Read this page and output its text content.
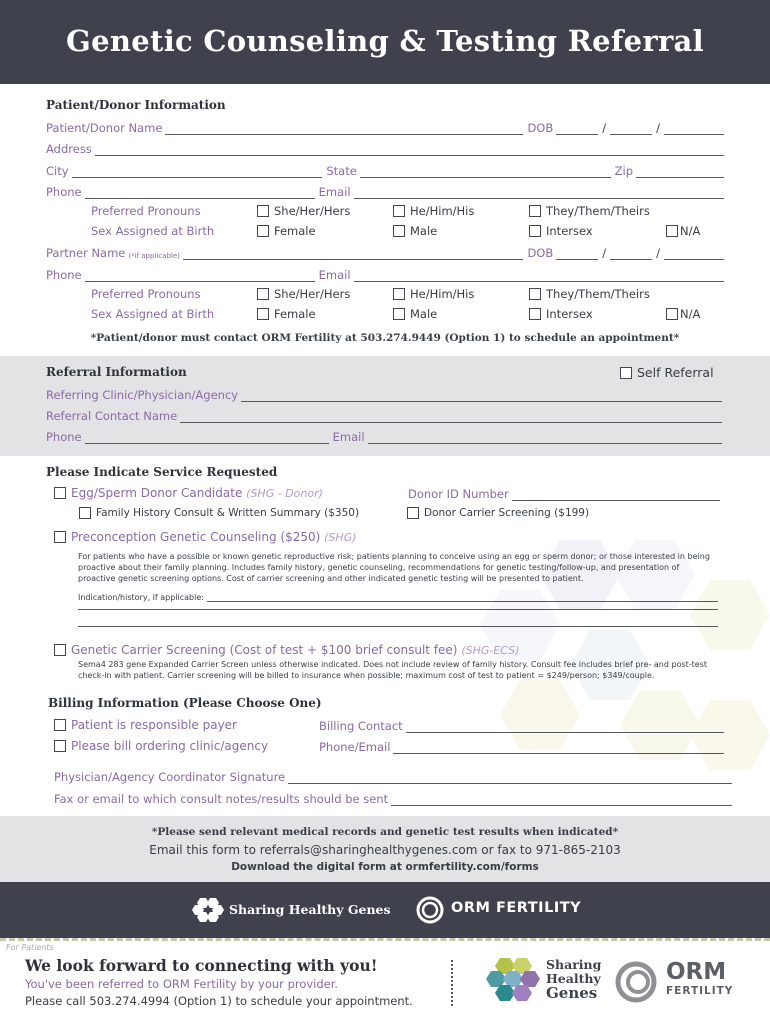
Genetic Counseling & Testing Referral
Patient/Donor Information
Patient/Donor Name	DOB	/	/
Address
City	State	Zip
Phone	Email
Preferred Pronouns	She/Her/Hers	He/Him/His	They/Them/Theirs
Sex Assigned at Birth	Female	Male	Intersex	N/A
Partner Name (*if applicable)	DOB	/	/
Phone	Email
Preferred Pronouns	She/Her/Hers	He/Him/His	They/Them/Theirs
Sex Assigned at Birth	Female	Male	Intersex	N/A
*Patient/donor must contact ORM Fertility at 503.274.9449 (Option 1) to schedule an appointment*
Referral Information	Self Referral
Referring Clinic/Physician/Agency
Referral Contact Name
Phone	Email
Please Indicate Service Requested
Egg/Sperm Donor Candidate
(SHG - Donor)	Donor ID Number
Family History Consult & Written Summary ($350)	Donor Carrier Screening ($199)
Preconception Genetic Counseling ($250)
(SHG)
For patients who have a possible or known genetic reproductive risk; patients planning to conceive using an egg or sperm donor; or those interested in being proactive about their family planning. Includes family history, genetic counseling, recommendations for genetic testing/follow-up, and presentation of proactive genetic screening options. Cost of carrier screening and other indicated genetic testing will be presented to patient.
Indication/history, if applicable:
Genetic Carrier Screening (Cost of test + $100 brief consult fee)
(SHG-ECS)
Sema4 283 gene Expanded Carrier Screen unless otherwise indicated. Does not include review of family history. Consult fee includes brief pre- and post-test check-in with patient. Carrier screening will be billed to insurance when possible; maximum cost of test to patient = $249/person; $349/couple.
Billing Information (Please Choose One)
Patient is responsible payer
Please bill ordering clinic/agency
Billing Contact
Phone/Email
Physician/Agency Coordinator Signature
Fax or email to which consult notes/results should be sent
*Please send relevant medical records and genetic test results when indicated*
Email this form to referrals@sharinghealthygenes.com or fax to 971-865-2103
Download the digital form at ormfertility.com/forms
Sharing Healthy Genes	ORM FERTILITY
For Patients
We look forward to connecting with you!
You've been referred to ORM Fertility by your provider.
Please call 503.274.4994 (Option 1) to schedule your appointment.
Sharing
Healthy
Genes
ORM
FERTILITY
